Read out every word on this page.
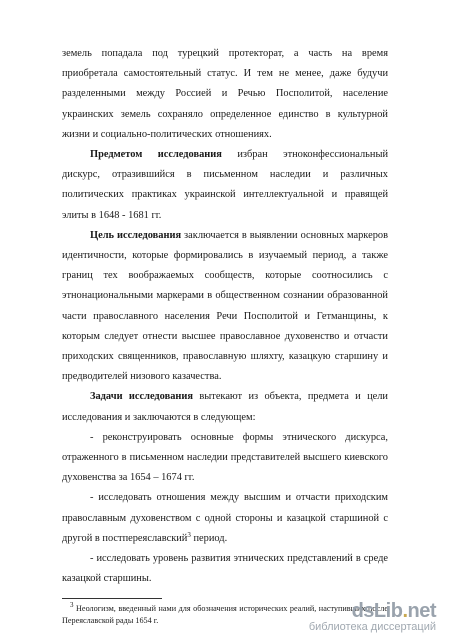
земель попадала под турецкий протекторат, а часть на время приобретала самостоятельный статус. И тем не менее, даже будучи разделенными между Россией и Речью Посполитой, население украинских земель сохраняло определенное единство в культурной жизни и социально-политических отношениях.

Предметом исследования избран этноконфессиональный дискурс, отразившийся в письменном наследии и различных политических практиках украинской интеллектуальной и правящей элиты в 1648 - 1681 гг.

Цель исследования заключается в выявлении основных маркеров идентичности, которые формировались в изучаемый период, а также границ тех воображаемых сообществ, которые соотносились с этнонациональными маркерами в общественном сознании образованной части православного населения Речи Посполитой и Гетманщины, к которым следует отнести высшее православное духовенство и отчасти приходских священников, православную шляхту, казацкую старшину и предводителей низового казачества.

Задачи исследования вытекают из объекта, предмета и цели исследования и заключаются в следующем:

- реконструировать основные формы этнического дискурса, отраженного в письменном наследии представителей высшего киевского духовенства за 1654 – 1674 гг.

- исследовать отношения между высшим и отчасти приходским православным духовенством с одной стороны и казацкой старшиной с другой в постпереяславский$^3$ период.

- исследовать уровень развития этнических представлений в среде казацкой старшины.

$^3$ Неологизм, введенный нами для обозначения исторических реалий, наступивших после Переяславской рады 1654 г.	dsLib.net
библиотека диссертаций
